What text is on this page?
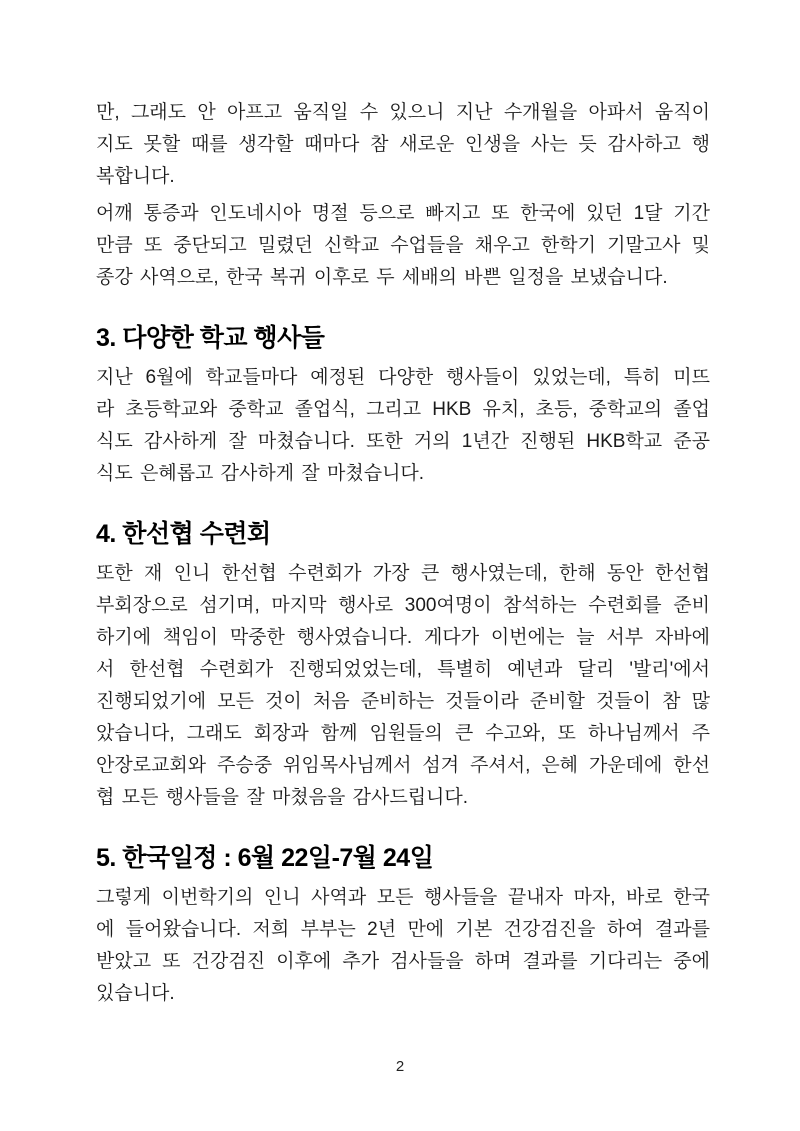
만, 그래도 안 아프고 움직일 수 있으니 지난 수개월을 아파서 움직이
지도 못할 때를 생각할 때마다 참 새로운 인생을 사는 듯 감사하고 행
복합니다.

어깨 통증과 인도네시아 명절 등으로 빠지고 또 한국에 있던 1달 기간
만큼 또 중단되고 밀렸던 신학교 수업들을 채우고 한학기 기말고사 및
종강 사역으로, 한국 복귀 이후로 두 세배의 바쁜 일정을 보냈습니다.

3. 다양한 학교 행사들

지난 6월에 학교들마다 예정된 다양한 행사들이 있었는데, 특히 미뜨
라 초등학교와 중학교 졸업식, 그리고 HKB 유치, 초등, 중학교의 졸업
식도 감사하게 잘 마쳤습니다. 또한 거의 1년간 진행된 HKB학교 준공
식도 은혜롭고 감사하게 잘 마쳤습니다.

4. 한선협 수련회

또한 재 인니 한선협 수련회가 가장 큰 행사였는데, 한해 동안 한선협
부회장으로 섬기며, 마지막 행사로 300여명이 참석하는 수련회를 준비
하기에 책임이 막중한 행사였습니다. 게다가 이번에는 늘 서부 자바에
서 한선협 수련회가 진행되었었는데, 특별히 예년과 달리 '발리'에서
진행되었기에 모든 것이 처음 준비하는 것들이라 준비할 것들이 참 많
았습니다, 그래도 회장과 함께 임원들의 큰 수고와, 또 하나님께서 주
안장로교회와 주승중 위임목사님께서 섬겨 주셔서, 은혜 가운데에 한선
협 모든 행사들을 잘 마쳤음을 감사드립니다.

5. 한국일정 : 6월 22일-7월 24일

그렇게 이번학기의 인니 사역과 모든 행사들을 끝내자 마자, 바로 한국
에 들어왔습니다. 저희 부부는 2년 만에 기본 건강검진을 하여 결과를
받았고 또 건강검진 이후에 추가 검사들을 하며 결과를 기다리는 중에
있습니다.

2
